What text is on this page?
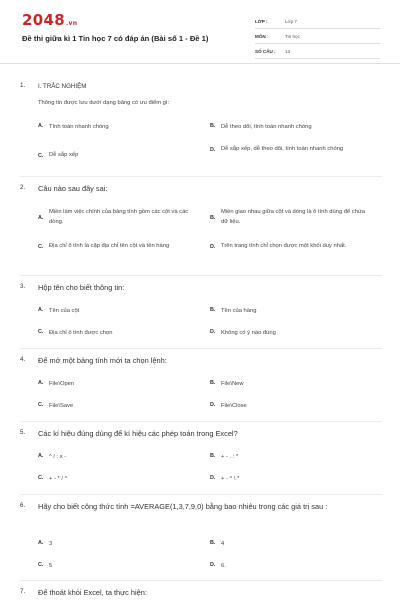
2048.vn
Đề thi giữa kì 1 Tin học 7 có đáp án (Bài số 1 - Đề 1)
LỚP :	Lớp 7
MÔN :	Tin học
SỐ CÂU :	13
1.	I. TRẮC NGHIỆM
Thông tin được lưu dưới dạng bảng có ưu điểm gì:
A. Tính toán nhanh chóng	B. Dễ theo dõi, tính toán nhanh chóng
C. Dễ sắp xếp
D. Dễ sắp xếp, dễ theo dõi, tính toán nhanh chóng
2.	Câu nào sau đây sai:
A.
Miền làm việc chính của bảng tính gồm các cột và các dòng.
B.
Miền giao nhau giữa cột và dòng là ô tính dùng để chứa dữ liệu.
C. Địa chỉ ô tính là cặp địa chỉ tên cột và tên hàng	D. Trên trang tính chỉ chọn được một khối duy nhất.
3.	Hộp tên cho biết thông tin:
A. Tên của cột	B. Tên của hàng
C. Địa chỉ ô tính được chọn	D. Không có ý nào đúng
4.	Để mở một bảng tính mới ta chọn lệnh:
A. File\Open	B. File\New
C. File\Save	D. File\Close
5.	Các kí hiệu đúng dùng để kí hiệu các phép toán trong Excel?
A. ^ / : x -	B. + - . : *
C. + - * / ^	D. + - ^ \ *
6.	Hãy cho biết công thức tính =AVERAGE(1,3,7,9,0) bằng bao nhiêu trong các giá trị sau :
A. 3	B. 4
C. 5	D. 6.
7.	Để thoát khỏi Excel, ta thực hiện:
